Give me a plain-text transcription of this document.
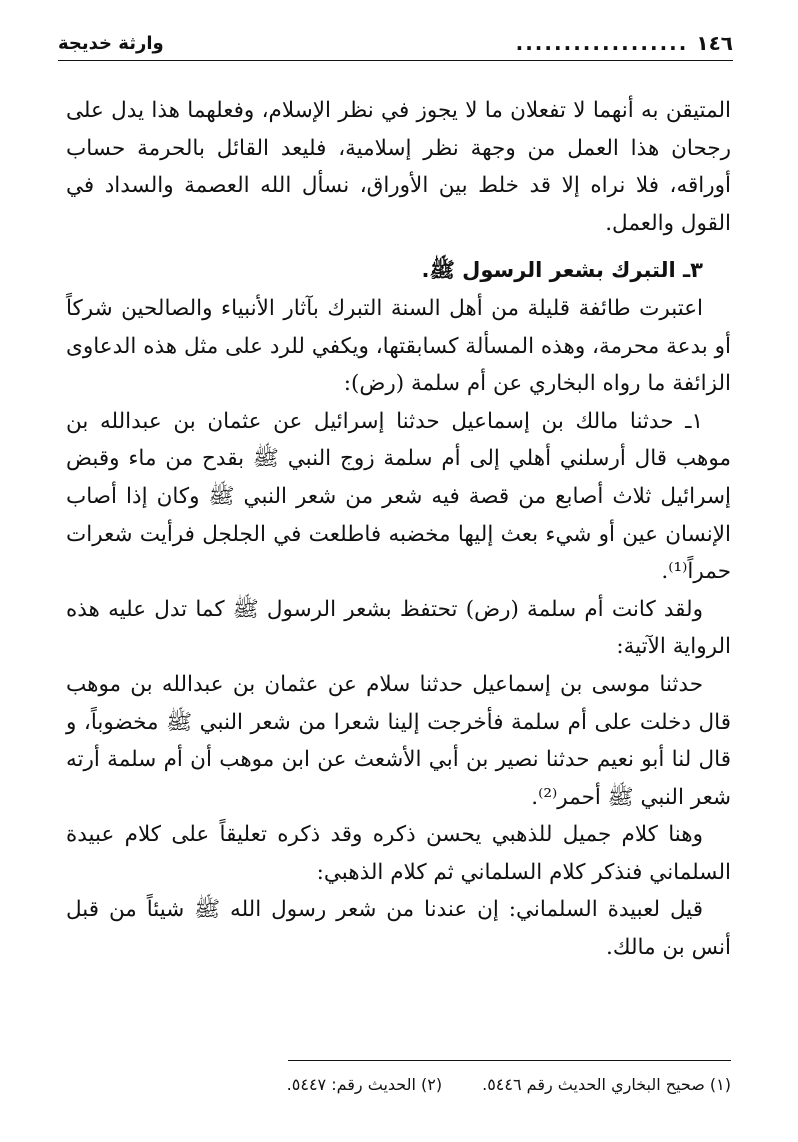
١٤٦
..................
وارثة خديجة

المتيقن به أنهما لا تفعلان ما لا يجوز في نظر الإسلام، وفعلهما هذا يدل على رجحان هذا العمل من وجهة نظر إسلامية، فليعد القائل بالحرمة حساب أوراقه، فلا نراه إلا قد خلط بين الأوراق، نسأل الله العصمة والسداد في القول والعمل.

٣ـ التبرك بشعر الرسول ﷺ.

اعتبرت طائفة قليلة من أهل السنة التبرك بآثار الأنبياء والصالحين شركاً أو بدعة محرمة، وهذه المسألة كسابقتها، ويكفي للرد على مثل هذه الدعاوى الزائفة ما رواه البخاري عن أم سلمة (رض):

١ـ حدثنا مالك بن إسماعيل حدثنا إسرائيل عن عثمان بن عبدالله بن موهب قال أرسلني أهلي إلى أم سلمة زوج النبي ﷺ بقدح من ماء وقبض إسرائيل ثلاث أصابع من قصة فيه شعر من شعر النبي ﷺ وكان إذا أصاب الإنسان عين أو شيء بعث إليها مخضبه فاطلعت في الجلجل فرأيت شعرات حمراً⁽¹⁾.

ولقد كانت أم سلمة (رض) تحتفظ بشعر الرسول ﷺ كما تدل عليه هذه الرواية الآتية:

حدثنا موسى بن إسماعيل حدثنا سلام عن عثمان بن عبدالله بن موهب قال دخلت على أم سلمة فأخرجت إلينا شعرا من شعر النبي ﷺ مخضوباً، و قال لنا أبو نعيم حدثنا نصير بن أبي الأشعث عن ابن موهب أن أم سلمة أرته شعر النبي ﷺ أحمر⁽²⁾.

وهنا كلام جميل للذهبي يحسن ذكره وقد ذكره تعليقاً على كلام عبيدة السلماني فنذكر كلام السلماني ثم كلام الذهبي:

قيل لعبيدة السلماني: إن عندنا من شعر رسول الله ﷺ شيئاً من قبل أنس بن مالك.

(١) صحيح البخاري الحديث رقم ٥٤٤٦.
(٢) الحديث رقم: ٥٤٤٧.
